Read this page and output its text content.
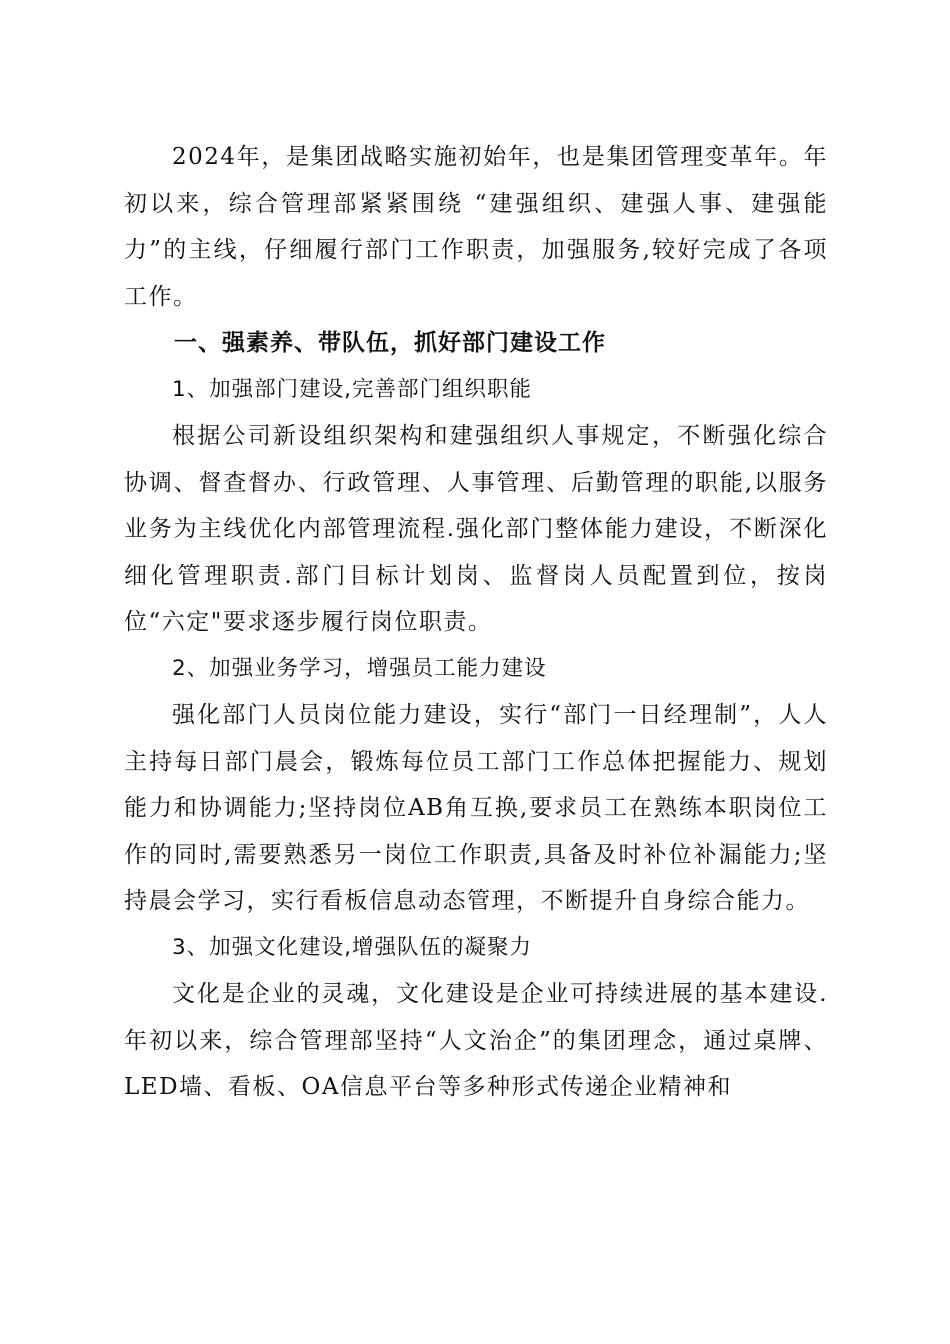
2024年，是集团战略实施初始年，也是集团管理变革年。年初以来，综合管理部紧紧围绕 “建强组织、建强人事、建强能力”的主线，仔细履行部门工作职责，加强服务,较好完成了各项工作。

一、强素养、带队伍，抓好部门建设工作

1、加强部门建设,完善部门组织职能

根据公司新设组织架构和建强组织人事规定，不断强化综合协调、督查督办、行政管理、人事管理、后勤管理的职能,以服务业务为主线优化内部管理流程.强化部门整体能力建设，不断深化细化管理职责.部门目标计划岗、监督岗人员配置到位，按岗位“六定"要求逐步履行岗位职责。

2、加强业务学习，增强员工能力建设

强化部门人员岗位能力建设，实行“部门一日经理制”，人人主持每日部门晨会，锻炼每位员工部门工作总体把握能力、规划能力和协调能力;坚持岗位AB角互换,要求员工在熟练本职岗位工作的同时,需要熟悉另一岗位工作职责,具备及时补位补漏能力;坚持晨会学习，实行看板信息动态管理，不断提升自身综合能力。

3、加强文化建设,增强队伍的凝聚力

文化是企业的灵魂，文化建设是企业可持续进展的基本建设.年初以来，综合管理部坚持“人文治企”的集团理念，通过桌牌、LED墙、看板、OA信息平台等多种形式传递企业精神和
